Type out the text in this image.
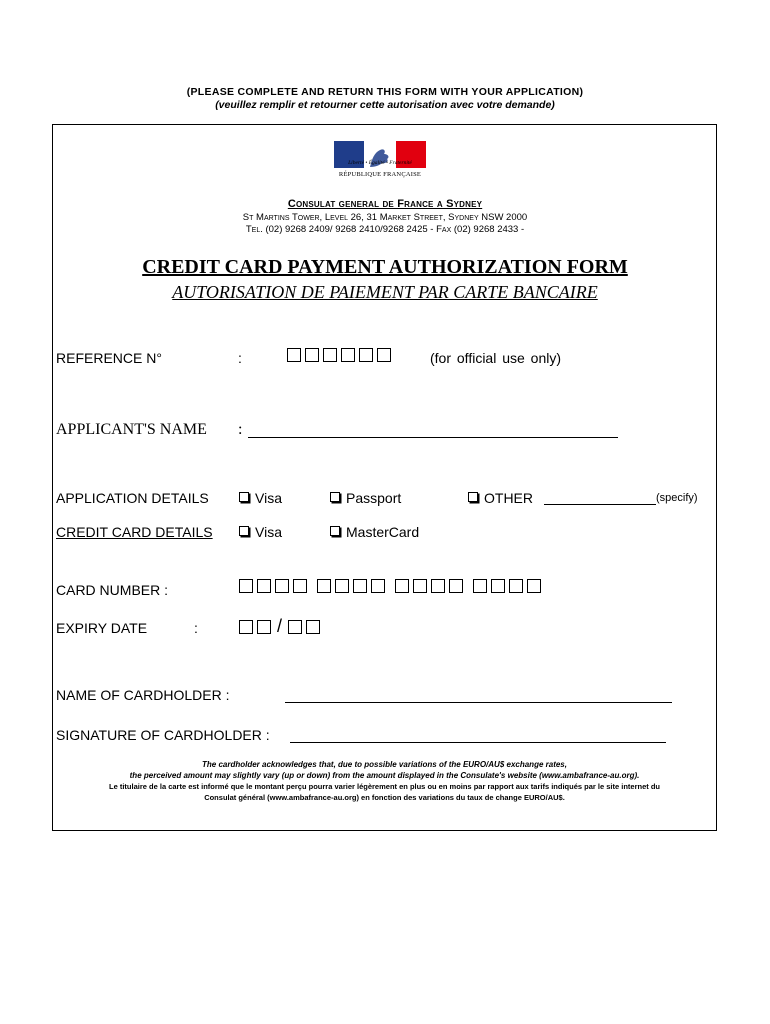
(PLEASE COMPLETE AND RETURN THIS FORM WITH YOUR APPLICATION)
(veuillez remplir et retourner cette autorisation avec votre demande)
Liberté • Égalité • Fraternité
RÉPUBLIQUE FRANÇAISE
Consulat general de France a Sydney
St Martins Tower, Level 26, 31 Market Street, Sydney NSW 2000
Tel. (02) 9268 2409/ 9268 2410/9268 2425 - Fax (02) 9268 2433 -
CREDIT CARD PAYMENT AUTHORIZATION FORM
AUTORISATION DE PAIEMENT PAR CARTE BANCAIRE
REFERENCE N°	:	(for official use only)
APPLICANT'S NAME :
APPLICATION DETAILS	Visa	Passport	OTHER	(specify)
CREDIT CARD DETAILS	Visa	MasterCard
CARD NUMBER :
EXPIRY DATE	:	/
NAME OF CARDHOLDER :
SIGNATURE OF CARDHOLDER :
The cardholder acknowledges that, due to possible variations of the EURO/AU$ exchange rates,
the perceived amount may slightly vary (up or down) from the amount displayed in the Consulate's website (www.ambafrance-au.org).
Le titulaire de la carte est informé que le montant perçu pourra varier légèrement en plus ou en moins par rapport aux tarifs indiqués par le site internet du
Consulat général (www.ambafrance-au.org) en fonction des variations du taux de change EURO/AU$.
